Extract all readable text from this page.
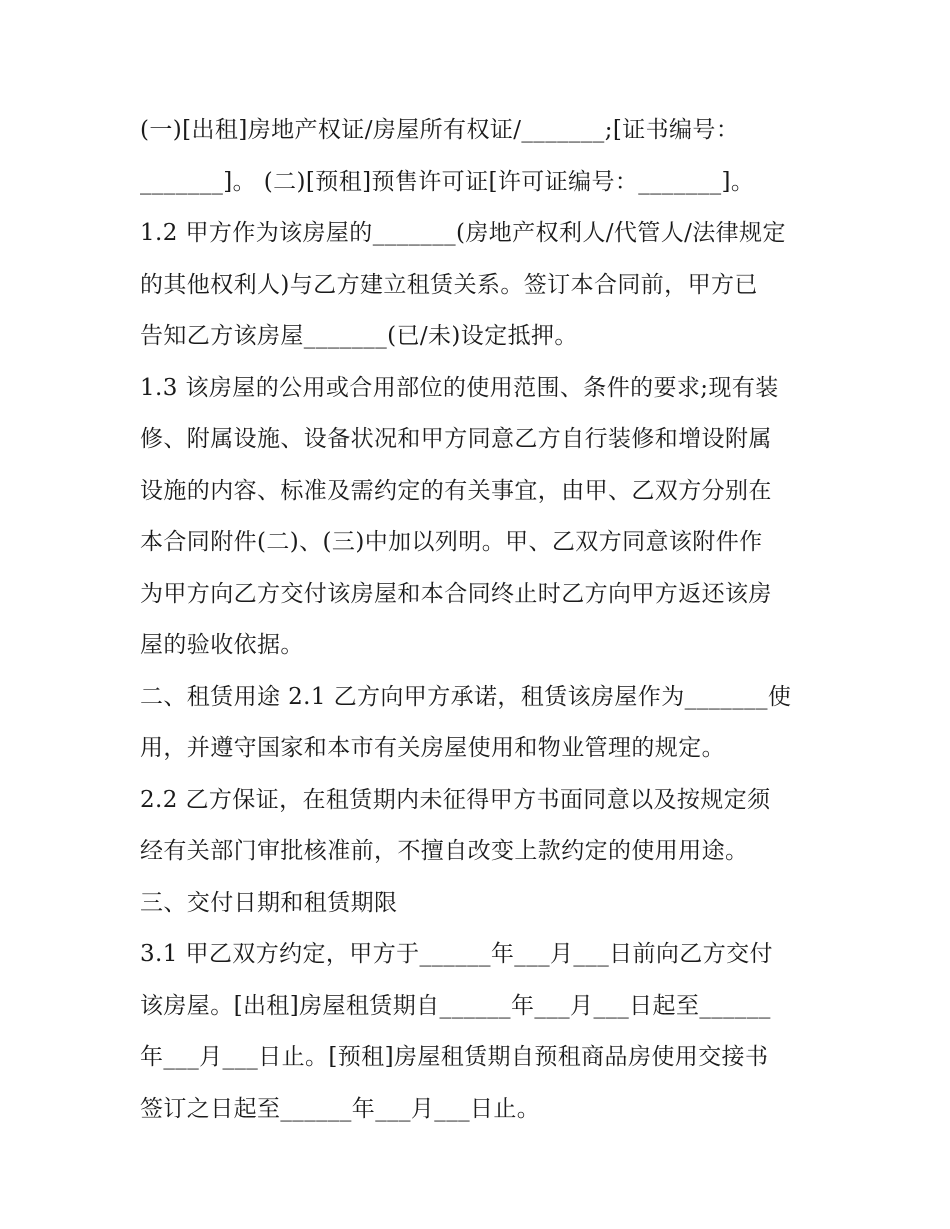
(一)[出租]房地产权证/房屋所有权证/_______;[证书编号：
_______]。 (二)[预租]预售许可证[许可证编号：_______]。
1.2 甲方作为该房屋的_______(房地产权利人/代管人/法律规定
的其他权利人)与乙方建立租赁关系。签订本合同前，甲方已
告知乙方该房屋_______(已/未)设定抵押。
1.3 该房屋的公用或合用部位的使用范围、条件的要求;现有装
修、附属设施、设备状况和甲方同意乙方自行装修和增设附属
设施的内容、标准及需约定的有关事宜，由甲、乙双方分别在
本合同附件(二)、(三)中加以列明。甲、乙双方同意该附件作
为甲方向乙方交付该房屋和本合同终止时乙方向甲方返还该房
屋的验收依据。
二、租赁用途 2.1 乙方向甲方承诺，租赁该房屋作为_______使
用，并遵守国家和本市有关房屋使用和物业管理的规定。
2.2 乙方保证，在租赁期内未征得甲方书面同意以及按规定须
经有关部门审批核准前，不擅自改变上款约定的使用用途。
三、交付日期和租赁期限
3.1 甲乙双方约定，甲方于______年___月___日前向乙方交付
该房屋。[出租]房屋租赁期自______年___月___日起至______
年___月___日止。[预租]房屋租赁期自预租商品房使用交接书
签订之日起至______年___月___日止。
